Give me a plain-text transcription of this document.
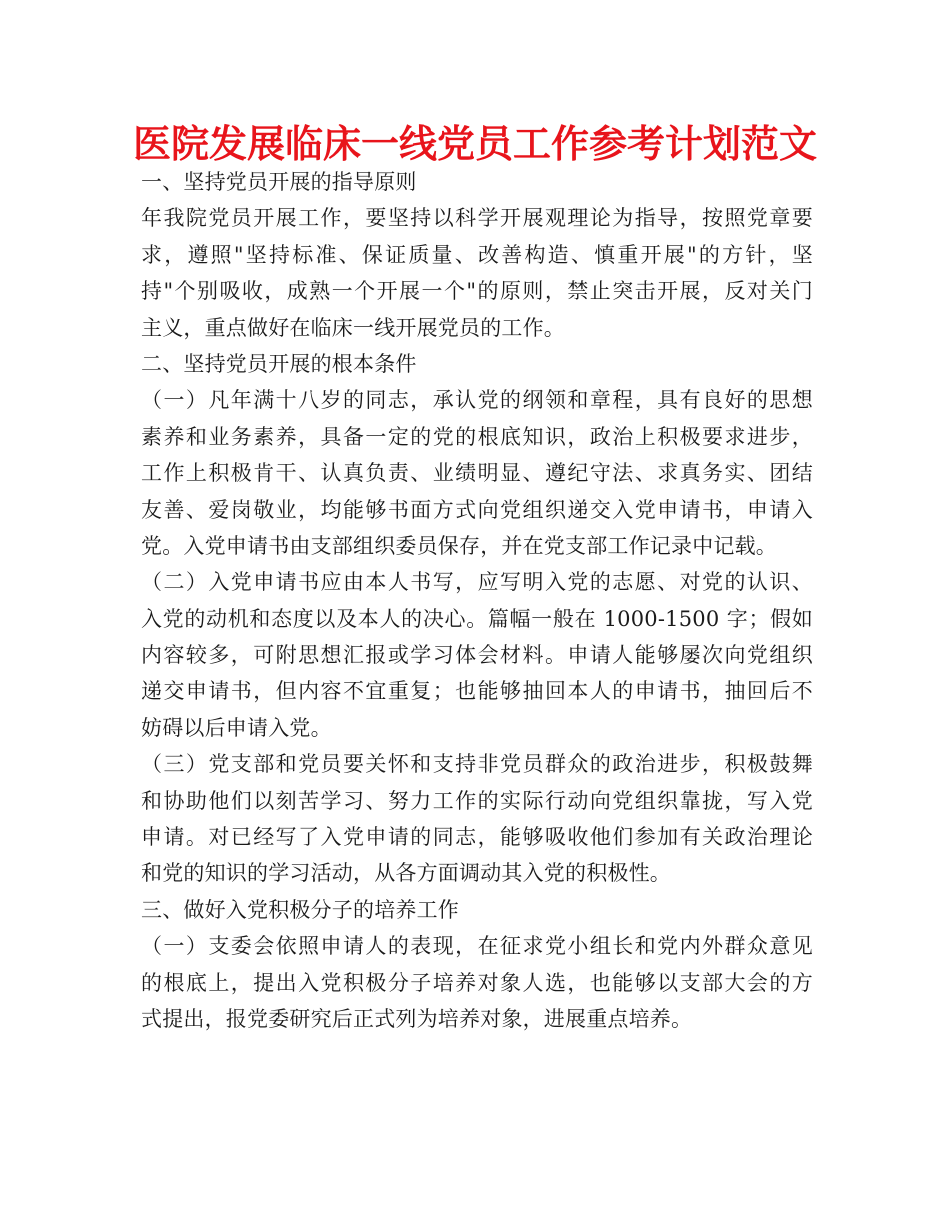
医院发展临床一线党员工作参考计划范文
一、坚持党员开展的指导原则
年我院党员开展工作，要坚持以科学开展观理论为指导，按照党章要
求，遵照"坚持标准、保证质量、改善构造、慎重开展"的方针，坚
持"个别吸收，成熟一个开展一个"的原则，禁止突击开展，反对关门
主义，重点做好在临床一线开展党员的工作。
二、坚持党员开展的根本条件
（一）凡年满十八岁的同志，承认党的纲领和章程，具有良好的思想
素养和业务素养，具备一定的党的根底知识，政治上积极要求进步，
工作上积极肯干、认真负责、业绩明显、遵纪守法、求真务实、团结
友善、爱岗敬业，均能够书面方式向党组织递交入党申请书，申请入
党。入党申请书由支部组织委员保存，并在党支部工作记录中记载。
（二）入党申请书应由本人书写，应写明入党的志愿、对党的认识、
入党的动机和态度以及本人的决心。篇幅一般在 1000-1500 字；假如
内容较多，可附思想汇报或学习体会材料。申请人能够屡次向党组织
递交申请书，但内容不宜重复；也能够抽回本人的申请书，抽回后不
妨碍以后申请入党。
（三）党支部和党员要关怀和支持非党员群众的政治进步，积极鼓舞
和协助他们以刻苦学习、努力工作的实际行动向党组织靠拢，写入党
申请。对已经写了入党申请的同志，能够吸收他们参加有关政治理论
和党的知识的学习活动，从各方面调动其入党的积极性。
三、做好入党积极分子的培养工作
（一）支委会依照申请人的表现，在征求党小组长和党内外群众意见
的根底上，提出入党积极分子培养对象人选，也能够以支部大会的方
式提出，报党委研究后正式列为培养对象，进展重点培养。
